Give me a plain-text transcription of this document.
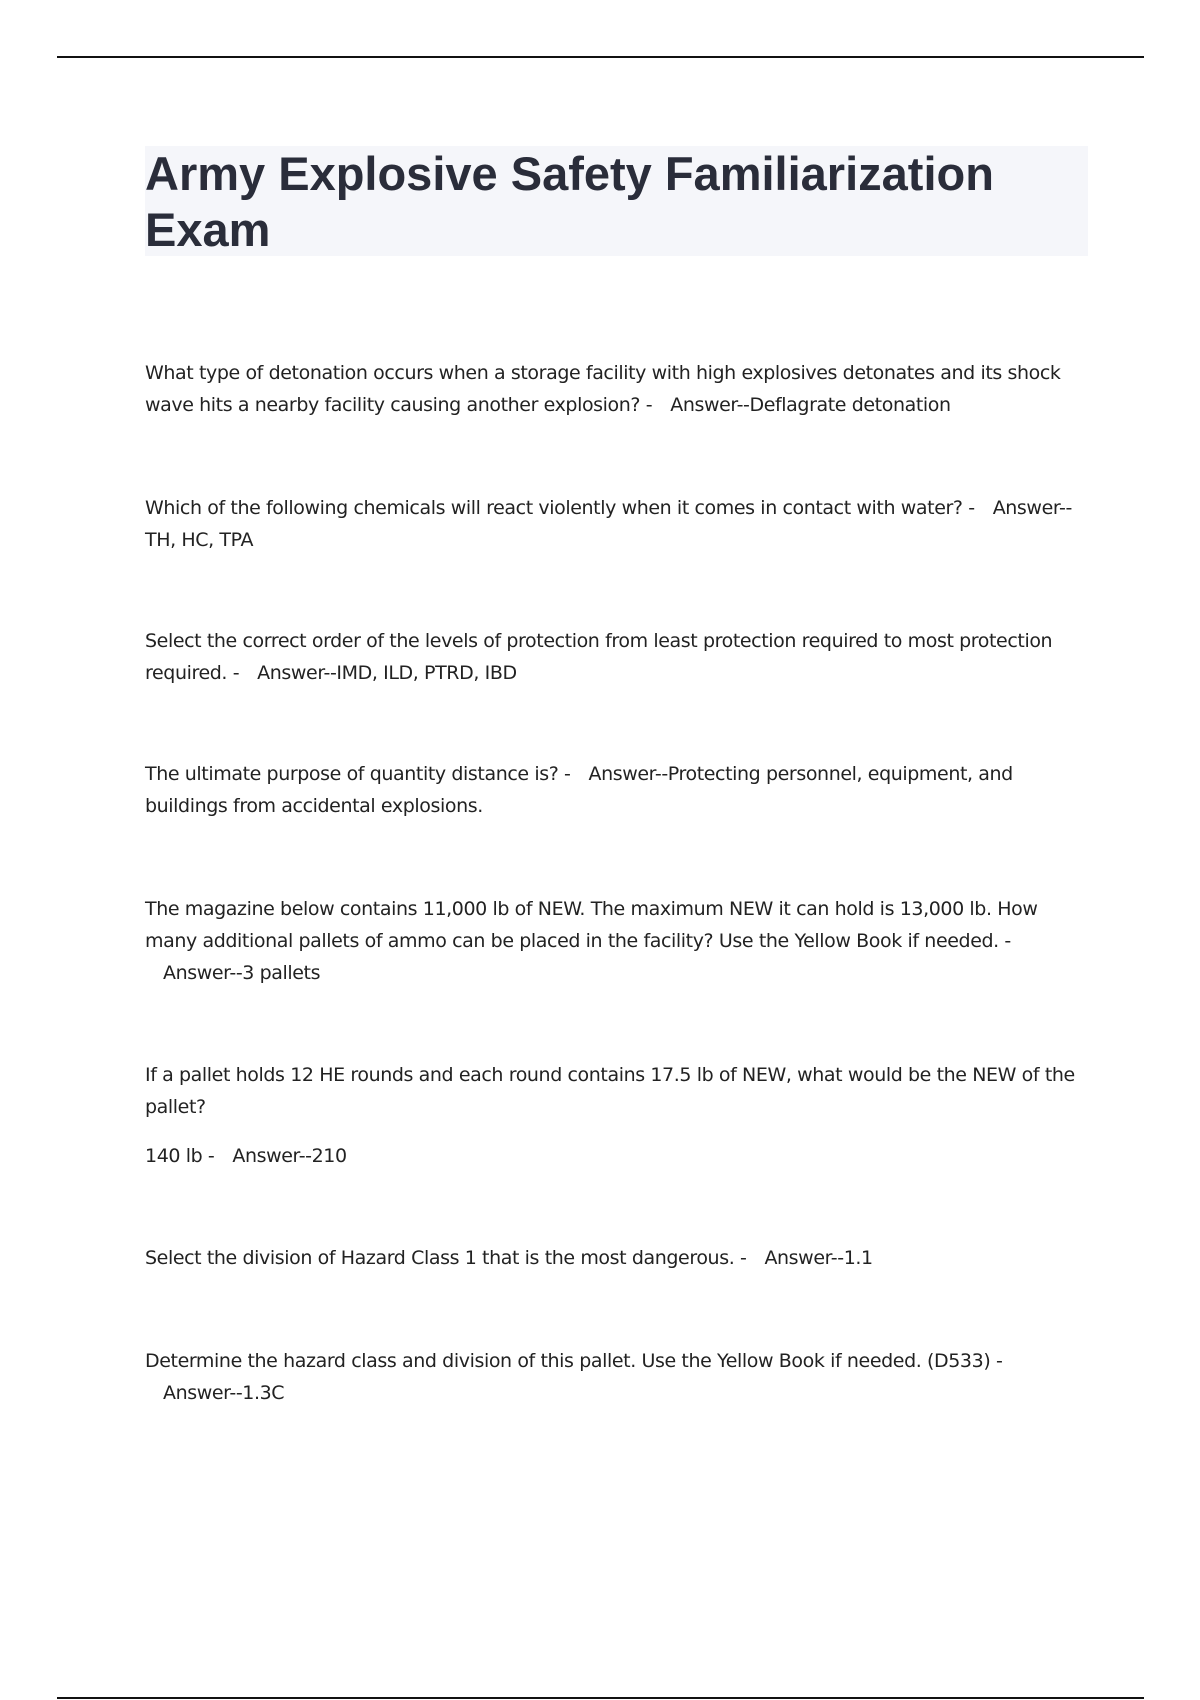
Army Explosive Safety Familiarization Exam

What type of detonation occurs when a storage facility with high explosives detonates and its shock wave hits a nearby facility causing another explosion? - Answer--Deflagrate detonation

Which of the following chemicals will react violently when it comes in contact with water? - Answer--TH, HC, TPA

Select the correct order of the levels of protection from least protection required to most protection required. - Answer--IMD, ILD, PTRD, IBD

The ultimate purpose of quantity distance is? - Answer--Protecting personnel, equipment, and buildings from accidental explosions.

The magazine below contains 11,000 lb of NEW. The maximum NEW it can hold is 13,000 lb. How many additional pallets of ammo can be placed in the facility? Use the Yellow Book if needed. -Answer--3 pallets

If a pallet holds 12 HE rounds and each round contains 17.5 lb of NEW, what would be the NEW of the pallet?

140 lb - Answer--210

Select the division of Hazard Class 1 that is the most dangerous. - Answer--1.1

Determine the hazard class and division of this pallet. Use the Yellow Book if needed. (D533) -Answer--1.3C
